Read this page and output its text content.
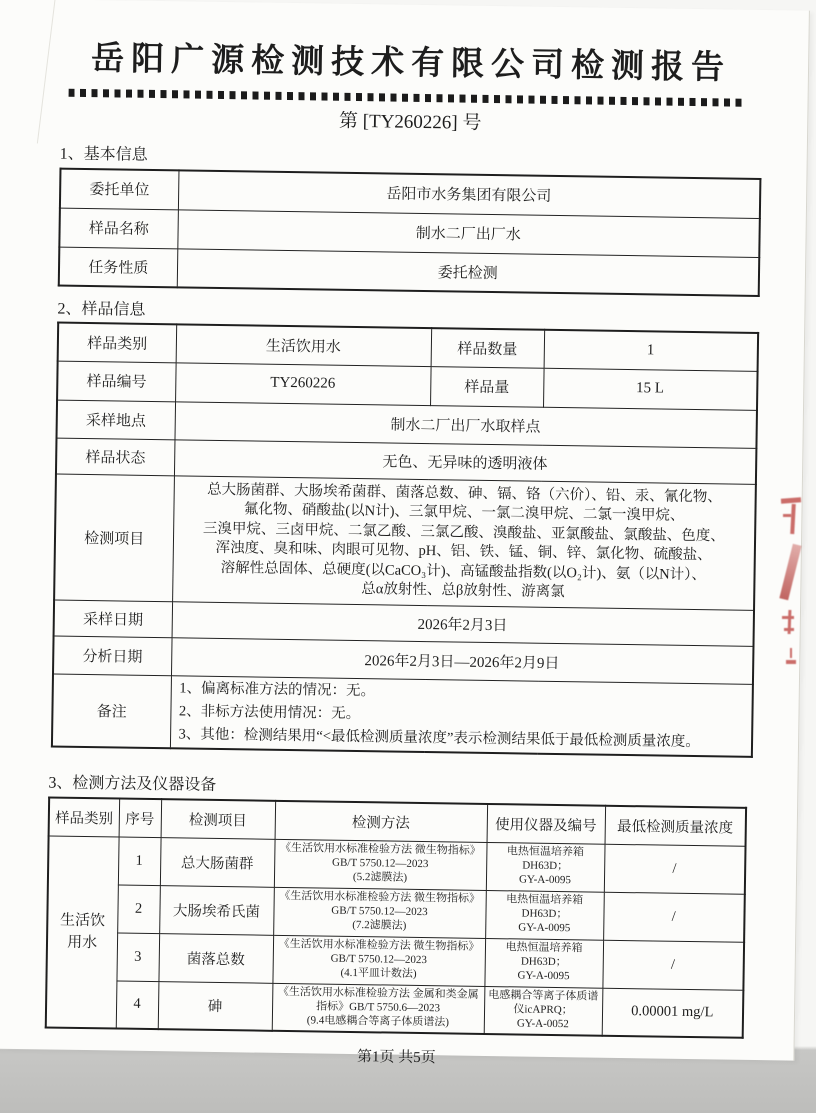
岳阳广源检测技术有限公司检测报告
第 [TY260226] 号
1、基本信息
委托单位	岳阳市水务集团有限公司
样品名称	制水二厂出厂水
任务性质	委托检测
2、样品信息
样品类别	生活饮用水	样品数量	1
样品编号	TY260226	样品量	15 L
采样地点	制水二厂出厂水取样点		
样品状态	无色、无异味的透明液体		
检测项目	总大肠菌群、大肠埃希菌群、菌落总数、砷、镉、铬（六价）、铅、汞、氰化物、
氟化物、硝酸盐(以N计)、三氯甲烷、一氯二溴甲烷、二氯一溴甲烷、
三溴甲烷、三卤甲烷、二氯乙酸、三氯乙酸、溴酸盐、亚氯酸盐、氯酸盐、色度、
浑浊度、臭和味、肉眼可见物、pH、铝、铁、锰、铜、锌、氯化物、硫酸盐、
溶解性总固体、总硬度(以CaCO₃计)、高锰酸盐指数(以O₂计)、氨（以N计）、
总α放射性、总β放射性、游离氯
采样日期	2026年2月3日		
分析日期	2026年2月3日—2026年2月9日		
备注	1、偏离标准方法的情况：无。
2、非标方法使用情况：无。
3、其他：检测结果用“<最低检测质量浓度”表示检测结果低于最低检测质量浓度。		
3、检测方法及仪器设备
样品类别	序号	检测项目	检测方法	使用仪器及编号	最低检测质量浓度
生活饮用水	1	总大肠菌群	《生活饮用水标准检验方法 微生物指标》
GB/T 5750.12—2023
(5.2滤膜法)	电热恒温培养箱
DH63D；
GY-A-0095	/
	2	大肠埃希氏菌	《生活饮用水标准检验方法 微生物指标》
GB/T 5750.12—2023
(7.2滤膜法)	电热恒温培养箱
DH63D；
GY-A-0095	/
	3	菌落总数	《生活饮用水标准检验方法 微生物指标》
GB/T 5750.12—2023
(4.1平皿计数法)	电热恒温培养箱
DH63D；
GY-A-0095	/
	4	砷	《生活饮用水标准检验方法 金属和类金属
指标》GB/T 5750.6—2023
(9.4电感耦合等离子体质谱法)	电感耦合等离子体质谱
仪icAPRQ；
GY-A-0052	0.00001 mg/L
第1页 共5页
